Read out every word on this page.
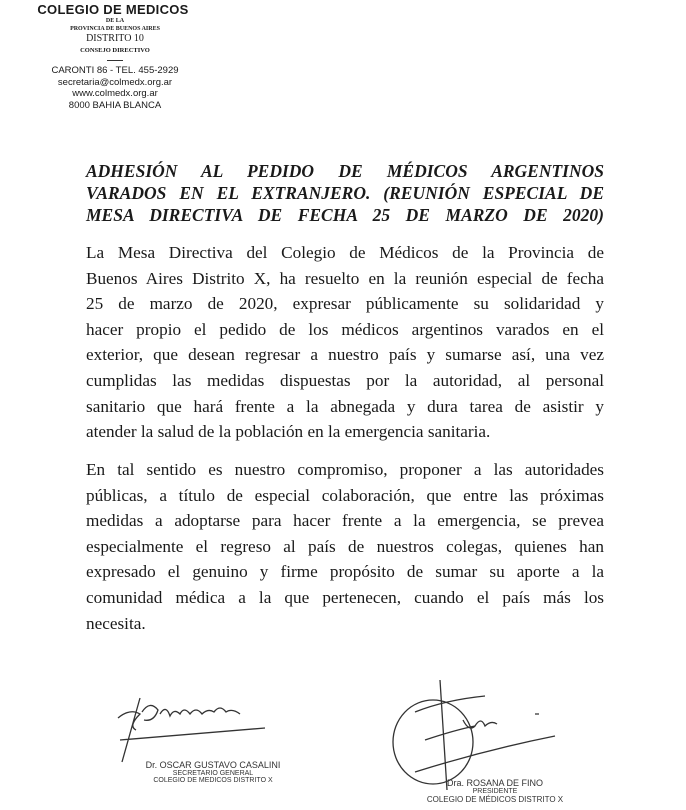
COLEGIO DE MEDICOS
DE LA
PROVINCIA DE BUENOS AIRES
DISTRITO 10
CONSEJO DIRECTIVO
CARONTI 86 - TEL. 455-2929
secretaria@colmedx.org.ar
www.colmedx.org.ar
8000 BAHIA BLANCA
ADHESIÓN AL PEDIDO DE MÉDICOS ARGENTINOS
VARADOS EN EL EXTRANJERO. (REUNIÓN ESPECIAL DE
MESA DIRECTIVA DE FECHA 25 DE MARZO DE 2020)
La Mesa Directiva del Colegio de Médicos de la Provincia de
Buenos Aires Distrito X, ha resuelto en la reunión especial de fecha
25 de marzo de 2020, expresar públicamente su solidaridad y
hacer propio el pedido de los médicos argentinos varados en el
exterior, que desean regresar a nuestro país y sumarse así, una vez
cumplidas las medidas dispuestas por la autoridad, al personal
sanitario que hará frente a la abnegada y dura tarea de asistir y
atender la salud de la población en la emergencia sanitaria.
En tal sentido es nuestro compromiso, proponer a las autoridades
públicas, a título de especial colaboración, que entre las próximas
medidas a adoptarse para hacer frente a la emergencia, se prevea
especialmente el regreso al país de nuestros colegas, quienes han
expresado el genuino y firme propósito de sumar su aporte a la
comunidad médica a la que pertenecen, cuando el país más los
necesita.
Dr. OSCAR GUSTAVO CASALINI
SECRETARIO GENERAL
COLEGIO DE MEDICOS DISTRITO X	Dra. ROSANA DE FINO
PRESIDENTE
COLEGIO DE MÉDICOS DISTRITO X
